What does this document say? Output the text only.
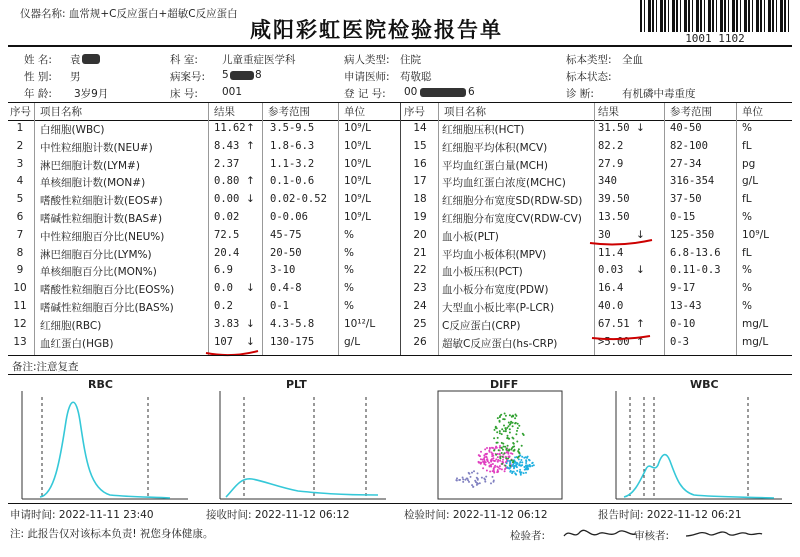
仪器名称: 血常规+C反应蛋白+超敏C反应蛋白
咸阳彩虹医院检验报告单	1001 1102
姓 名: 袁
性 别: 男
年 龄: 3岁9月
科 室: 儿童重症医学科
病案号: 5	8
床 号: 001
病人类型: 住院
申请医师: 苟敬聪
登 记 号: 00	6
标本类型: 全血
标本状态:
诊 断:	有机磷中毒重度
序号 项目名称	结果	参考范围	单位	序号 项目名称	结果	参考范围	单位
1	白细胞(WBC)	11.62 ↑ 3.5-9.5	10⁹/L
2	中性粒细胞计数(NEU#)	8.43 ↑ 1.8-6.3	10⁹/L
3	淋巴细胞计数(LYM#)	2.37	1.1-3.2	10⁹/L
4	单核细胞计数(MON#)	0.80 ↑ 0.1-0.6	10⁹/L
5	嗜酸性粒细胞计数(EOS#)	0.00 ↓ 0.02-0.52 10⁹/L
6	嗜碱性粒细胞计数(BAS#)	0.02	0-0.06	10⁹/L
7	中性粒细胞百分比(NEU%)	72.5	45-75	%
8	淋巴细胞百分比(LYM%)	20.4	20-50	%
9	单核细胞百分比(MON%)	6.9	3-10	%
10	嗜酸性粒细胞百分比(EOS%)	0.0 ↓ 0.4-8	%
11	嗜碱性粒细胞百分比(BAS%)	0.2	0-1	%
12	红细胞(RBC)	3.83 ↓ 4.3-5.8	10¹²/L
13	血红蛋白(HGB)	107 ↓ 130-175	g/L
14	红细胞压积(HCT)	31.50 ↓ 40-50	%
15	红细胞平均体积(MCV)	82.2	82-100	fL
16	平均血红蛋白量(MCH)	27.9	27-34	pg
17	平均血红蛋白浓度(MCHC)	340	316-354	g/L
18	红细胞分布宽度SD(RDW-SD) 39.50	37-50	fL
19	红细胞分布宽度CV(RDW-CV) 13.50	0-15	%
20	血小板(PLT)	30 ↓ 125-350	10⁹/L
21	平均血小板体积(MPV)	11.4	6.8-13.6 fL
22	血小板压积(PCT)	0.03 ↓ 0.11-0.3 %
23	血小板分布宽度(PDW)	16.4	9-17	%
24	大型血小板比率(P-LCR)	40.0	13-43	%
25	C反应蛋白(CRP)	67.51 ↑ 0-10	mg/L
26	超敏C反应蛋白(hs-CRP)	>5.00 ↑ 0-3	mg/L
备注:注意复查
RBC	PLT	DIFF	WBC
申请时间: 2022-11-11 23:40	接收时间: 2022-11-12 06:12	检验时间: 2022-11-12 06:12	报告时间: 2022-11-12 06:21
注: 此报告仅对该标本负责! 祝您身体健康。	检验者:	审核者:
